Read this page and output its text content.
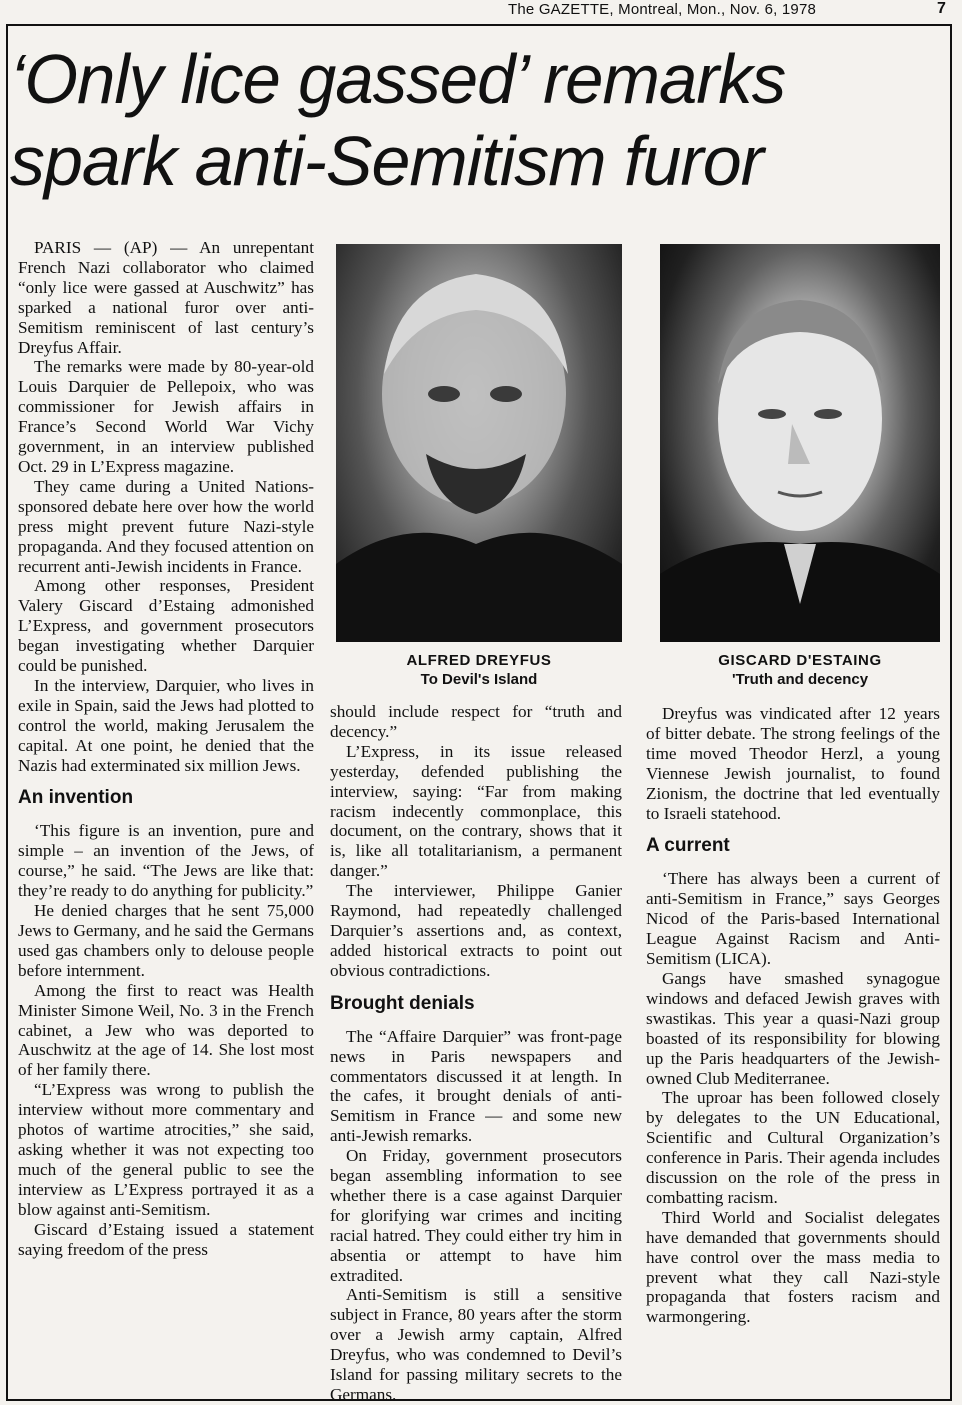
The GAZETTE, Montreal, Mon., Nov. 6, 1978	7
‘Only lice gassed’ remarks
spark anti-Semitism furor

PARIS — (AP) — An unrepentant French Nazi collaborator who claimed “only lice were gassed at Auschwitz” has sparked a national furor over anti-Semitism reminiscent of last century’s Dreyfus Affair.

The remarks were made by 80-year-old Louis Darquier de Pellepoix, who was commissioner for Jewish affairs in France’s Second World War Vichy government, in an interview published Oct. 29 in L’Express magazine.

They came during a United Nations-sponsored debate here over how the world press might prevent future Nazi-style propaganda. And they focused attention on recurrent anti-Jewish incidents in France.

Among other responses, President Valery Giscard d’Estaing admonished L’Express, and government prosecutors began investigating whether Darquier could be punished.

In the interview, Darquier, who lives in exile in Spain, said the Jews had plotted to control the world, making Jerusalem the capital. At one point, he denied that the Nazis had exterminated six million Jews.

An invention

‘This figure is an invention, pure and simple – an invention of the Jews, of course,” he said. “The Jews are like that: they’re ready to do anything for publicity.”

He denied charges that he sent 75,000 Jews to Germany, and he said the Germans used gas chambers only to delouse people before internment.

Among the first to react was Health Minister Simone Weil, No. 3 in the French cabinet, a Jew who was deported to Auschwitz at the age of 14. She lost most of her family there.

“L’Express was wrong to publish the interview without more commentary and photos of wartime atrocities,” she said, asking whether it was not expecting too much of the general public to see the interview as L’Express portrayed it as a blow against anti-Semitism.

Giscard d’Estaing issued a statement saying freedom of the press

ALFRED DREYFUS
To Devil's Island
GISCARD D'ESTAING
'Truth and decency

should include respect for “truth and decency.”

L’Express, in its issue released yesterday, defended publishing the interview, saying: “Far from making racism indecently commonplace, this document, on the contrary, shows that it is, like all totalitarianism, a permanent danger.”

The interviewer, Philippe Ganier Raymond, had repeatedly challenged Darquier’s assertions and, as context, added historical extracts to point out obvious contradictions.

Brought denials

The “Affaire Darquier” was front-page news in Paris newspapers and commentators discussed it at length. In the cafes, it brought denials of anti-Semitism in France — and some new anti-Jewish remarks.

On Friday, government prosecutors began assembling information to see whether there is a case against Darquier for glorifying war crimes and inciting racial hatred. They could either try him in absentia or attempt to have him extradited.

Anti-Semitism is still a sensitive subject in France, 80 years after the storm over a Jewish army captain, Alfred Dreyfus, who was condemned to Devil’s Island for passing military secrets to the Germans.

Dreyfus was vindicated after 12 years of bitter debate. The strong feelings of the time moved Theodor Herzl, a young Viennese Jewish journalist, to found Zionism, the doctrine that led eventually to Israeli statehood.

A current

‘There has always been a current of anti-Semitism in France,” says Georges Nicod of the Paris-based International League Against Racism and Anti-Semitism (LICA).

Gangs have smashed synagogue windows and defaced Jewish graves with swastikas. This year a quasi-Nazi group boasted of its responsibility for blowing up the Paris headquarters of the Jewish-owned Club Mediterranee.

The uproar has been followed closely by delegates to the UN Educational, Scientific and Cultural Organization’s conference in Paris. Their agenda includes discussion on the role of the press in combatting racism.

Third World and Socialist delegates have demanded that governments should have control over the mass media to prevent what they call Nazi-style propaganda that fosters racism and warmongering.
